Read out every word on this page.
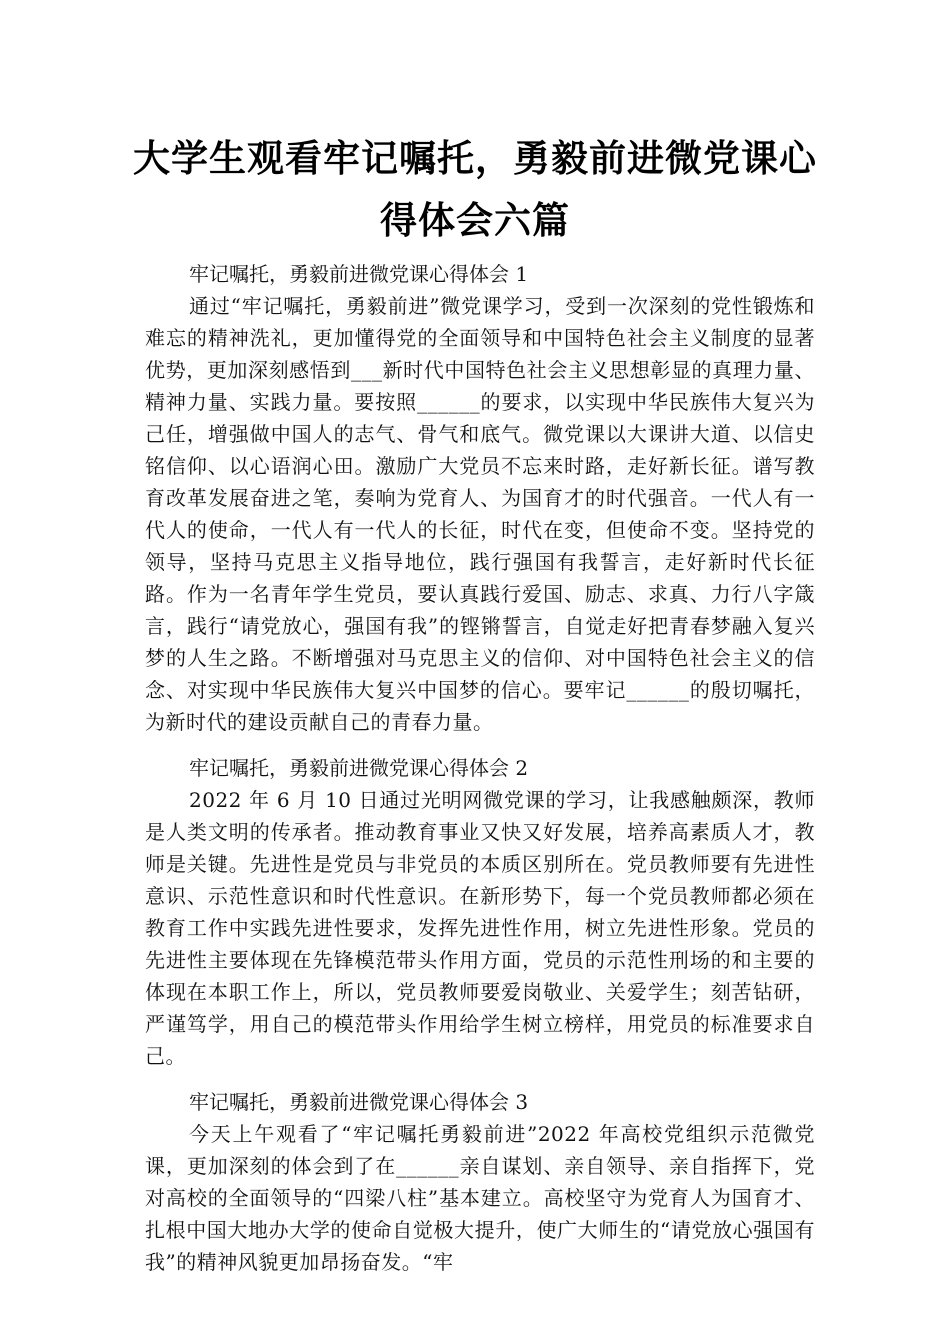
大学生观看牢记嘱托，勇毅前进微党课心
得体会六篇

牢记嘱托，勇毅前进微党课心得体会 1

通过“牢记嘱托，勇毅前进”微党课学习，受到一次深刻的党性锻炼和难忘的精神洗礼，更加懂得党的全面领导和中国特色社会主义制度的显著优势，更加深刻感悟到___新时代中国特色社会主义思想彰显的真理力量、精神力量、实践力量。要按照______的要求，以实现中华民族伟大复兴为己任，增强做中国人的志气、骨气和底气。微党课以大课讲大道、以信史铭信仰、以心语润心田。激励广大党员不忘来时路，走好新长征。谱写教育改革发展奋进之笔，奏响为党育人、为国育才的时代强音。一代人有一代人的使命，一代人有一代人的长征，时代在变，但使命不变。坚持党的领导，坚持马克思主义指导地位，践行强国有我誓言，走好新时代长征路。作为一名青年学生党员，要认真践行爱国、励志、求真、力行八字箴言，践行“请党放心，强国有我”的铿锵誓言，自觉走好把青春梦融入复兴梦的人生之路。不断增强对马克思主义的信仰、对中国特色社会主义的信念、对实现中华民族伟大复兴中国梦的信心。要牢记______的殷切嘱托，为新时代的建设贡献自己的青春力量。

牢记嘱托，勇毅前进微党课心得体会 2

2022 年 6 月 10 日通过光明网微党课的学习，让我感触颇深，教师是人类文明的传承者。推动教育事业又快又好发展，培养高素质人才，教师是关键。先进性是党员与非党员的本质区别所在。党员教师要有先进性意识、示范性意识和时代性意识。在新形势下，每一个党员教师都必须在教育工作中实践先进性要求，发挥先进性作用，树立先进性形象。党员的先进性主要体现在先锋模范带头作用方面，党员的示范性刑场的和主要的体现在本职工作上，所以，党员教师要爱岗敬业、关爱学生；刻苦钻研，严谨笃学，用自己的模范带头作用给学生树立榜样，用党员的标准要求自己。

牢记嘱托，勇毅前进微党课心得体会 3

今天上午观看了“牢记嘱托勇毅前进”2022 年高校党组织示范微党课，更加深刻的体会到了在______亲自谋划、亲自领导、亲自指挥下，党对高校的全面领导的“四梁八柱”基本建立。高校坚守为党育人为国育才、扎根中国大地办大学的使命自觉极大提升，使广大师生的“请党放心强国有我”的精神风貌更加昂扬奋发。“牢
